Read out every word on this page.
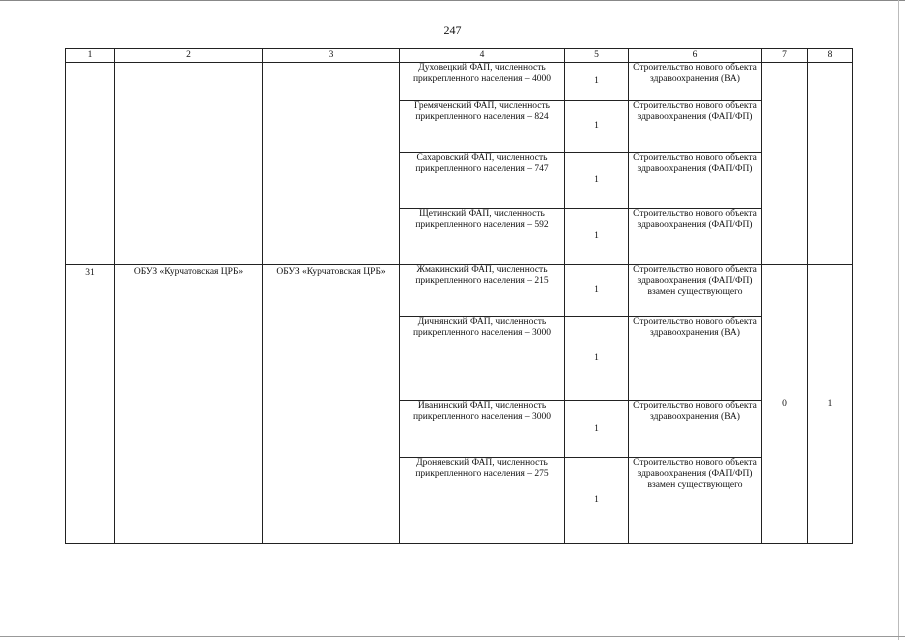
247
1	2	3	4	5	6	7	8
			Духовецкий ФАП, численность прикрепленного населения – 4000	1	Строительство нового объекта здравоохранения (ВА)		
			Гремяченский ФАП, численность прикрепленного населения – 824	1	Строительство нового объекта здравоохранения (ФАП/ФП)		
			Сахаровский ФАП, численность прикрепленного населения – 747	1	Строительство нового объекта здравоохранения (ФАП/ФП)		
			Щетинский ФАП, численность прикрепленного населения – 592	1	Строительство нового объекта здравоохранения (ФАП/ФП)		
31	ОБУЗ «Курчатовская ЦРБ»	ОБУЗ «Курчатовская ЦРБ»	Жмакинский ФАП, численность прикрепленного населения – 215	1	Строительство нового объекта здравоохранения (ФАП/ФП) взамен существующего	0	1
			Дичнянский ФАП, численность прикрепленного населения – 3000	1	Строительство нового объекта здравоохранения (ВА)		
			Иванинский ФАП, численность прикрепленного населения – 3000	1	Строительство нового объекта здравоохранения (ВА)		
			Дроняевский ФАП, численность прикрепленного населения – 275	1	Строительство нового объекта здравоохранения (ФАП/ФП) взамен существующего		
